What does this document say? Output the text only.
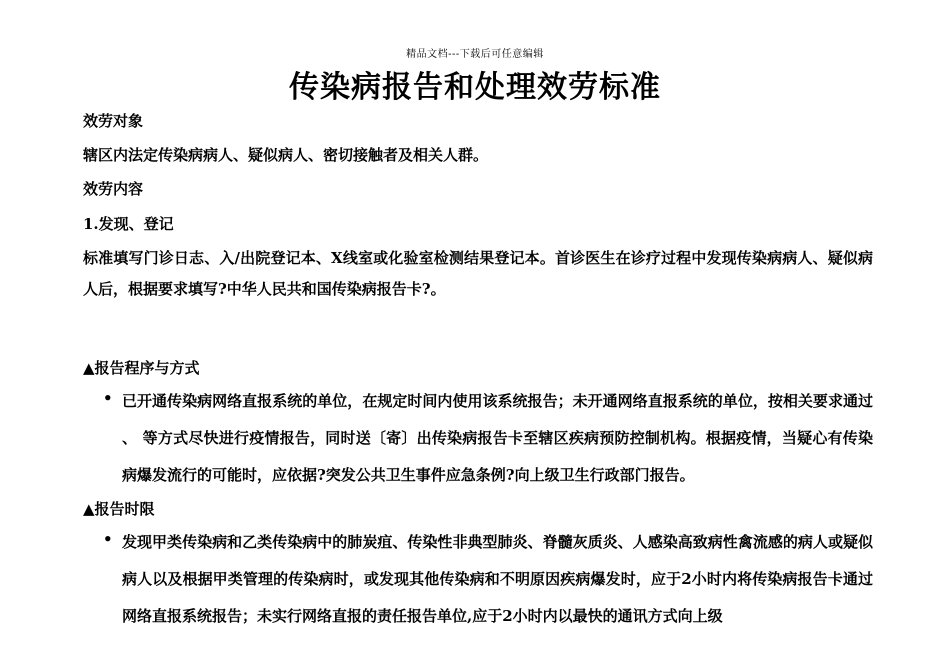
精品文档---下载后可任意编辑
传染病报告和处理效劳标准
效劳对象
辖区内法定传染病病人、疑似病人、密切接触者及相关人群。
效劳内容
1.发现、登记

标准填写门诊日志、入/出院登记本、X线室或化验室检测结果登记本。首诊医生在诊疗过程中发现传染病病人、疑似病人后，根据要求填写?中华人民共和国传染病报告卡?。

▲报告程序与方式
• 已开通传染病网络直报系统的单位，在规定时间内使用该系统报告；未开通网络直报系统的单位，按相关要求通过 、 等方式尽快进行疫情报告，同时送〔寄〕出传染病报告卡至辖区疾病预防控制机构。根据疫情，当疑心有传染病爆发流行的可能时，应依据?突发公共卫生事件应急条例?向上级卫生行政部门报告。

▲报告时限
• 发现甲类传染病和乙类传染病中的肺炭疽、传染性非典型肺炎、脊髓灰质炎、人感染高致病性禽流感的病人或疑似病人以及根据甲类管理的传染病时，或发现其他传染病和不明原因疾病爆发时，应于2小时内将传染病报告卡通过网络直报系统报告；未实行网络直报的责任报告单位,应于2小时内以最快的通讯方式向上级
